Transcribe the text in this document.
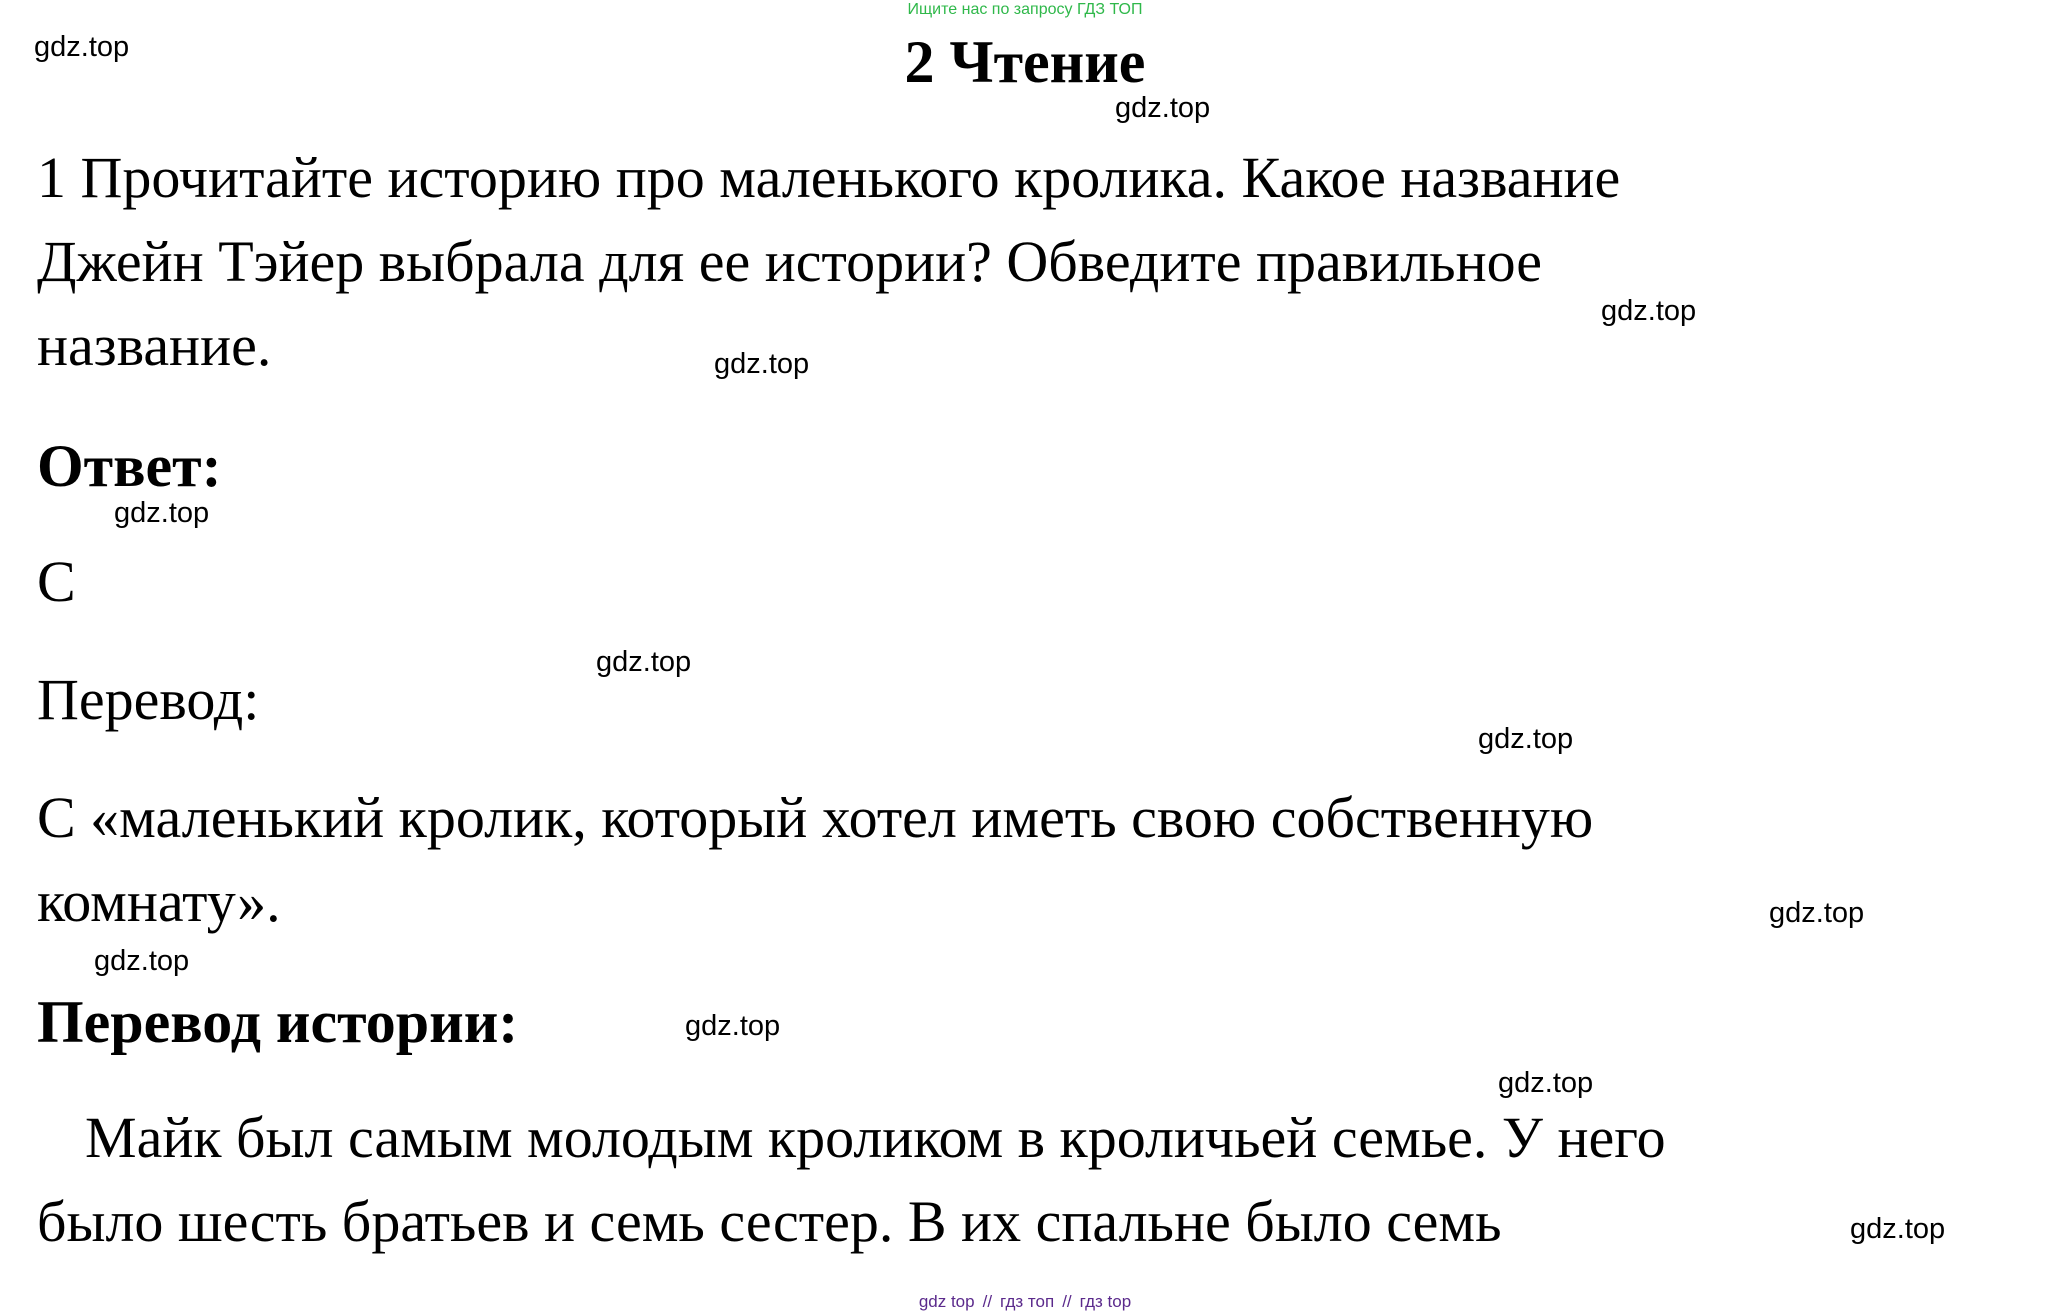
Ищите нас по запросу ГДЗ ТОП
2 Чтение
1 Прочитайте историю про маленького кролика. Какое название
Джейн Тэйер выбрала для ее истории? Обведите правильное
название.
Ответ:
C
Перевод:
C «маленький кролик, который хотел иметь свою собственную
комнату».
Перевод истории:
Майк был самым молодым кроликом в кроличьей семье. У него
было шесть братьев и семь сестер. В их спальне было семь
gdz.top
gdz.top
gdz.top
gdz.top
gdz.top
gdz.top
gdz.top
gdz.top
gdz.top
gdz.top
gdz.top
gdz.top
gdz top // гдз топ // гдз top
